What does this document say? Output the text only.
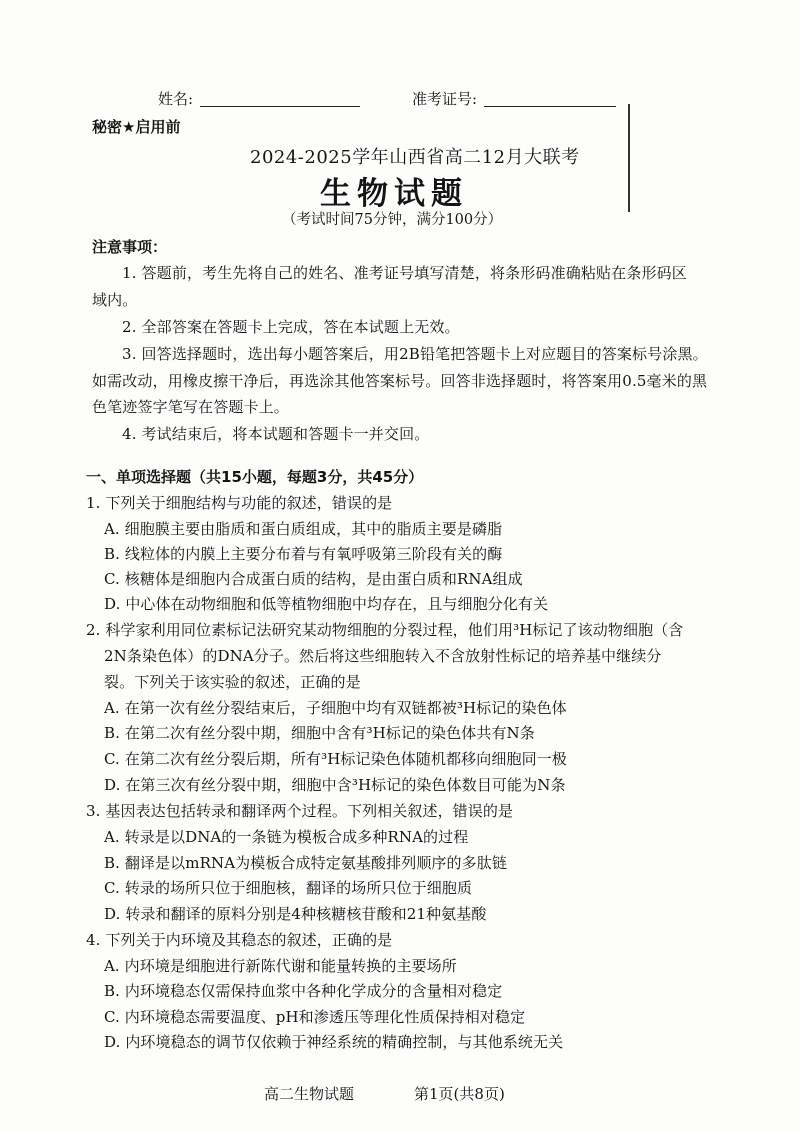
姓名:	准考证号:
秘密★启用前
2024-2025学年山西省高二12月大联考
生物试题
（考试时间75分钟，满分100分）
注意事项：
1. 答题前，考生先将自己的姓名、准考证号填写清楚，将条形码准确粘贴在条形码区
域内。
2. 全部答案在答题卡上完成，答在本试题上无效。
3. 回答选择题时，选出每小题答案后，用2B铅笔把答题卡上对应题目的答案标号涂黑。
如需改动，用橡皮擦干净后，再选涂其他答案标号。回答非选择题时，将答案用0.5毫米的黑
色笔迹签字笔写在答题卡上。
4. 考试结束后，将本试题和答题卡一并交回。
一、单项选择题（共15小题，每题3分，共45分）
1. 下列关于细胞结构与功能的叙述，错误的是
A. 细胞膜主要由脂质和蛋白质组成，其中的脂质主要是磷脂
B. 线粒体的内膜上主要分布着与有氧呼吸第三阶段有关的酶
C. 核糖体是细胞内合成蛋白质的结构，是由蛋白质和RNA组成
D. 中心体在动物细胞和低等植物细胞中均存在，且与细胞分化有关
2. 科学家利用同位素标记法研究某动物细胞的分裂过程，他们用³H标记了该动物细胞（含
2N条染色体）的DNA分子。然后将这些细胞转入不含放射性标记的培养基中继续分
裂。下列关于该实验的叙述，正确的是
A. 在第一次有丝分裂结束后，子细胞中均有双链都被³H标记的染色体
B. 在第二次有丝分裂中期，细胞中含有³H标记的染色体共有N条
C. 在第二次有丝分裂后期，所有³H标记染色体随机都移向细胞同一极
D. 在第三次有丝分裂中期，细胞中含³H标记的染色体数目可能为N条
3. 基因表达包括转录和翻译两个过程。下列相关叙述，错误的是
A. 转录是以DNA的一条链为模板合成多种RNA的过程
B. 翻译是以mRNA为模板合成特定氨基酸排列顺序的多肽链
C. 转录的场所只位于细胞核，翻译的场所只位于细胞质
D. 转录和翻译的原料分别是4种核糖核苷酸和21种氨基酸
4. 下列关于内环境及其稳态的叙述，正确的是
A. 内环境是细胞进行新陈代谢和能量转换的主要场所
B. 内环境稳态仅需保持血浆中各种化学成分的含量相对稳定
C. 内环境稳态需要温度、pH和渗透压等理化性质保持相对稳定
D. 内环境稳态的调节仅依赖于神经系统的精确控制，与其他系统无关
高二生物试题	第1页(共8页)
